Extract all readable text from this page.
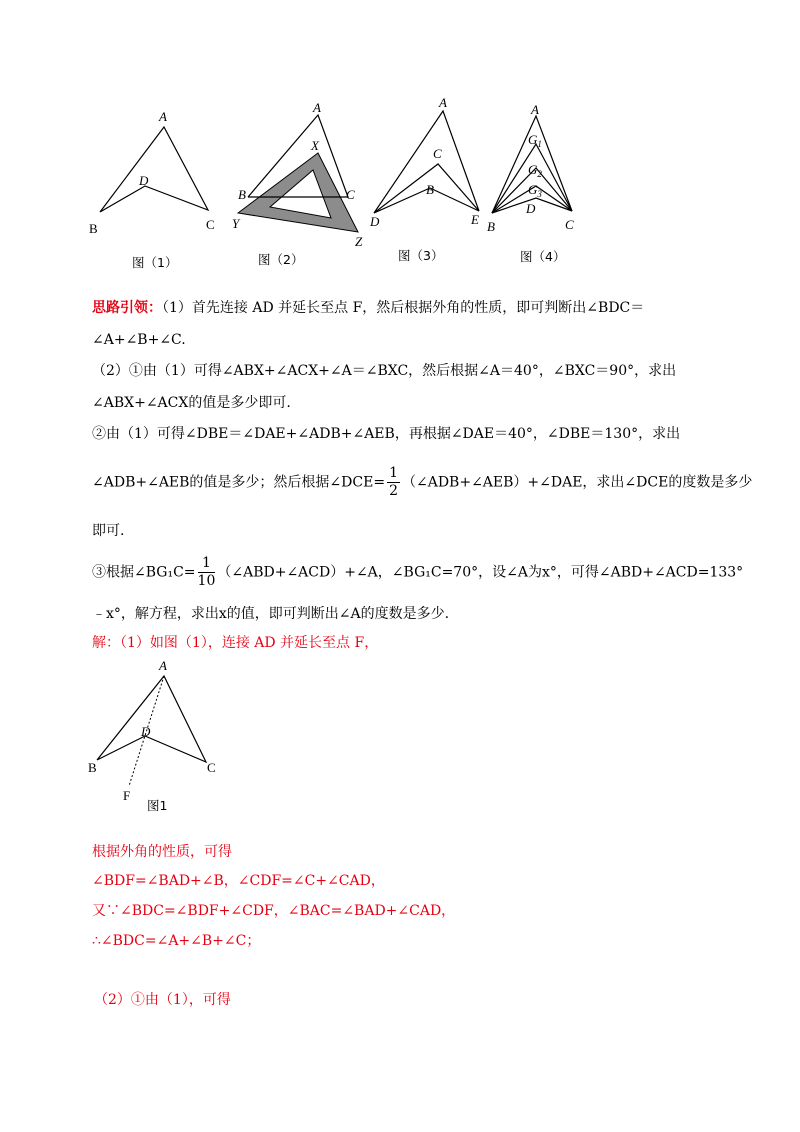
A
D
B	C
图（1）
A
X
B	C
Y
Z
图（2）
A
C
B
D	E
图（3）
A
$G_1$
$G_2$
$G_3$
D
B	C
图（4）
思路引领：（1）首先连接 AD 并延长至点 F，然后根据外角的性质，即可判断出∠BDC＝
∠A+∠B+∠C.
（2）①由（1）可得∠ABX+∠ACX+∠A＝∠BXC，然后根据∠A＝40°，∠BXC＝90°，求出
∠ABX+∠ACX的值是多少即可.
②由（1）可得∠DBE＝∠DAE+∠ADB+∠AEB，再根据∠DAE＝40°，∠DBE＝130°，求出
∠ADB+∠AEB的值是多少；然后根据∠DCE= $\frac{1}{2}$ （∠ADB+∠AEB）+∠DAE，求出∠DCE的度数是多少
即可.
③根据∠BG₁C= $\frac{1}{10}$ （∠ABD+∠ACD）+∠A，∠BG₁C=70°，设∠A为x°，可得∠ABD+∠ACD=133°
﹣x°，解方程，求出x的值，即可判断出∠A的度数是多少.
解：（1）如图（1），连接 AD 并延长至点 F，
A
D
B	C
F
图1
根据外角的性质，可得
∠BDF=∠BAD+∠B，∠CDF=∠C+∠CAD，
又∵∠BDC=∠BDF+∠CDF，∠BAC=∠BAD+∠CAD，
∴∠BDC=∠A+∠B+∠C；
（2）①由（1），可得
